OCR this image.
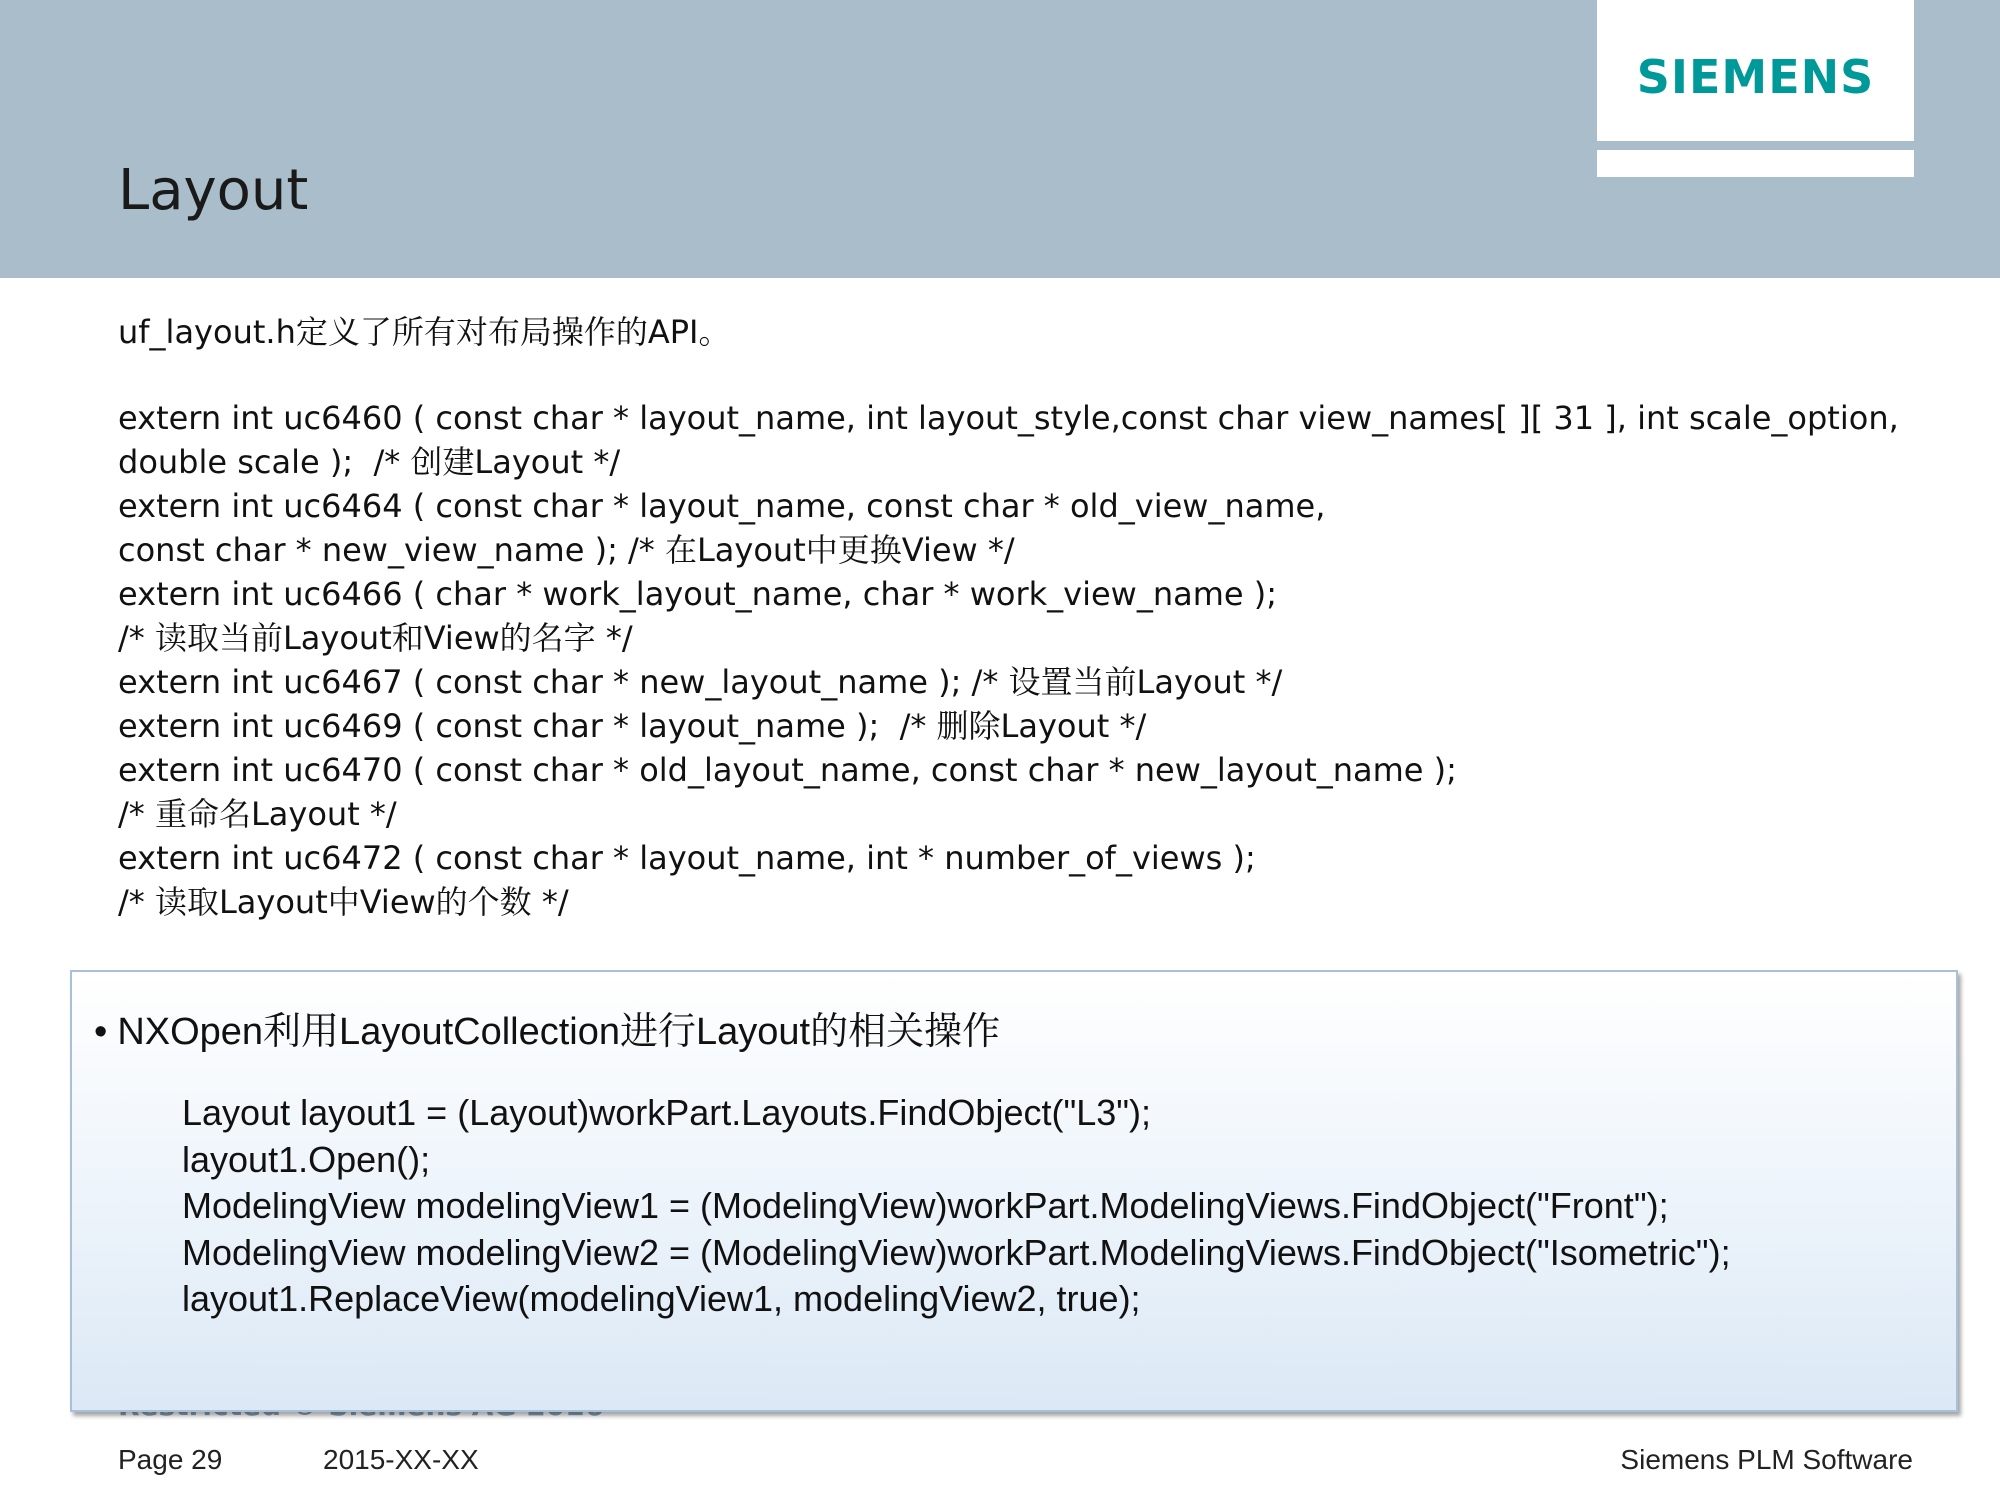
SIEMENS
Layout
uf_layout.h定义了所有对布局操作的API。
extern int uc6460 ( const char * layout_name, int layout_style,const char view_names[ ][ 31 ], int scale_option,
double scale );  /* 创建Layout */
extern int uc6464 ( const char * layout_name, const char * old_view_name,
const char * new_view_name ); /* 在Layout中更换View */
extern int uc6466 ( char * work_layout_name, char * work_view_name );
/* 读取当前Layout和View的名字 */
extern int uc6467 ( const char * new_layout_name ); /* 设置当前Layout */
extern int uc6469 ( const char * layout_name );  /* 删除Layout */
extern int uc6470 ( const char * old_layout_name, const char * new_layout_name );
/* 重命名Layout */
extern int uc6472 ( const char * layout_name, int * number_of_views );
/* 读取Layout中View的个数 */
• NXOpen利用LayoutCollection进行Layout的相关操作
Layout layout1 = (Layout)workPart.Layouts.FindObject("L3");
layout1.Open();
ModelingView modelingView1 = (ModelingView)workPart.ModelingViews.FindObject("Front");
ModelingView modelingView2 = (ModelingView)workPart.ModelingViews.FindObject("Isometric");
layout1.ReplaceView(modelingView1, modelingView2, true);
Page 29	2015-XX-XX	Siemens PLM Software
